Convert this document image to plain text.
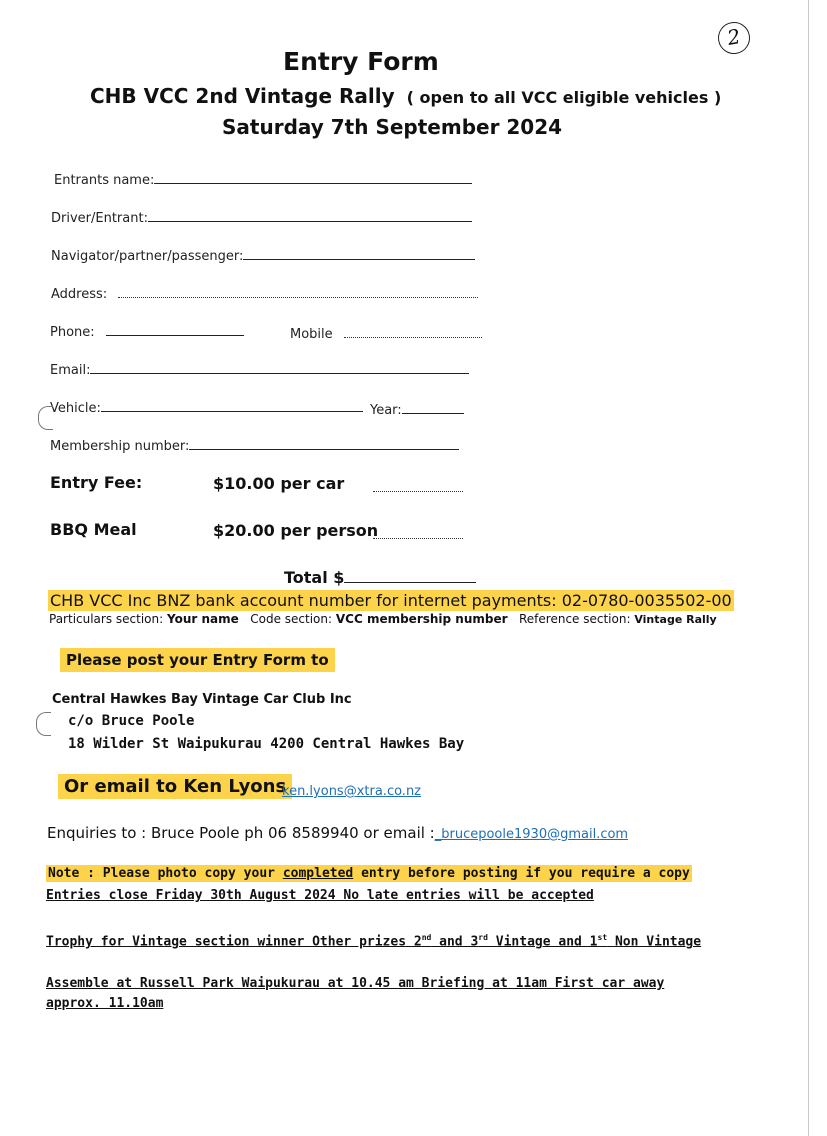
2
Entry Form
CHB VCC 2nd Vintage Rally ( open to all VCC eligible vehicles )
Saturday 7th September 2024
Entrants name:
Driver/Entrant:
Navigator/partner/passenger:
Address:
Phone:	Mobile
Email:
Vehicle:	Year:
Membership number:
Entry Fee:	$10.00 per car
BBQ Meal	$20.00 per person
Total $
CHB VCC Inc BNZ bank account number for internet payments: 02-0780-0035502-00
Particulars section: Your name Code section: VCC membership number Reference section: Vintage Rally
Please post your Entry Form to
Central Hawkes Bay Vintage Car Club Inc
c/o Bruce Poole
18 Wilder St Waipukurau 4200 Central Hawkes Bay
Or email to Ken Lyons
ken.lyons@xtra.co.nz
Enquiries to : Bruce Poole ph 06 8589940 or email :_brucepoole1930@gmail.com
Note : Please photo copy your completed entry before posting if you require a copy
Entries close Friday 30th August 2024 No late entries will be accepted
Trophy for Vintage section winner Other prizes 2nd and 3rd Vintage and 1st Non Vintage
Assemble at Russell Park Waipukurau at 10.45 am Briefing at 11am First car away
approx. 11.10am
